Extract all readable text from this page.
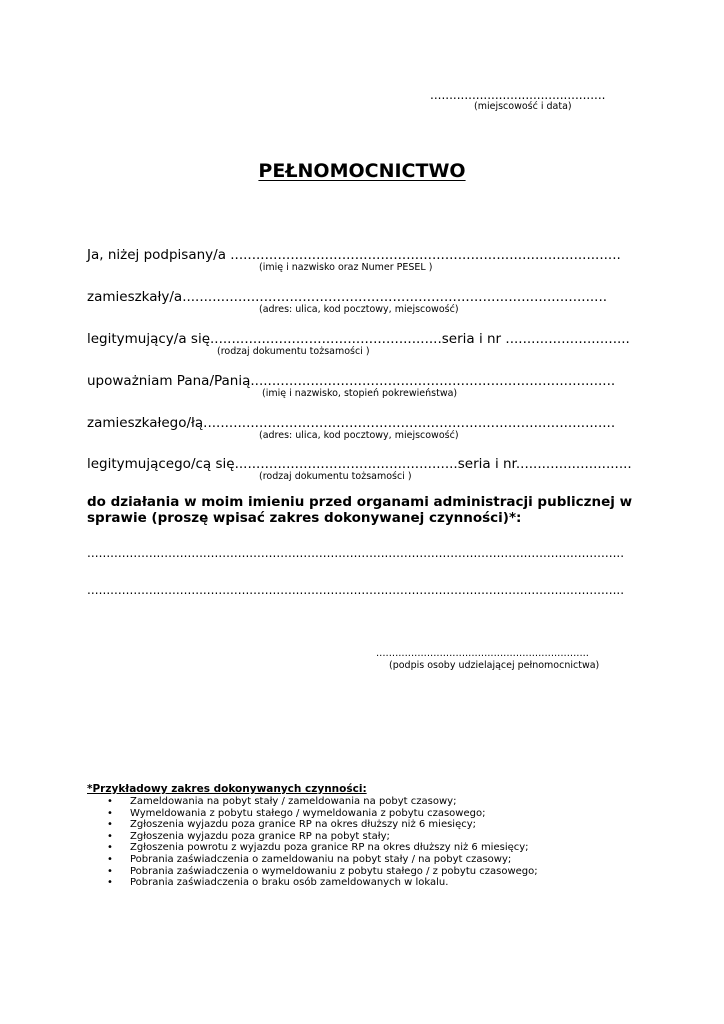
..............................................
(miejscowość i data)
PEŁNOMOCNICTWO
Ja, niżej podpisany/a ...........................................................................................
(imię i nazwisko oraz Numer PESEL )
zamieszkały/a...................................................................................................
(adres: ulica, kod pocztowy, miejscowość)
legitymujący/a się......................................................seria i nr .............................
(rodzaj dokumentu tożsamości )
upoważniam Pana/Panią.....................................................................................
(imię i nazwisko, stopień pokrewieństwa)
zamieszkałego/łą................................................................................................
(adres: ulica, kod pocztowy, miejscowość)
legitymującego/cą się....................................................seria i nr...........................
(rodzaj dokumentu tożsamości )
do działania w moim imieniu przed organami administracji publicznej w sprawie (proszę wpisać zakres dokonywanej czynności)*:
...........................................................................................................................................
...........................................................................................................................................
...................................................................
(podpis osoby udzielającej pełnomocnictwa)
*Przykładowy zakres dokonywanych czynności:
• Zameldowania na pobyt stały / zameldowania na pobyt czasowy;
• Wymeldowania z pobytu stałego / wymeldowania z pobytu czasowego;
• Zgłoszenia wyjazdu poza granice RP na okres dłuższy niż 6 miesięcy;
• Zgłoszenia wyjazdu poza granice RP na pobyt stały;
• Zgłoszenia powrotu z wyjazdu poza granice RP na okres dłuższy niż 6 miesięcy;
• Pobrania zaświadczenia o zameldowaniu na pobyt stały / na pobyt czasowy;
• Pobrania zaświadczenia o wymeldowaniu z pobytu stałego / z pobytu czasowego;
• Pobrania zaświadczenia o braku osób zameldowanych w lokalu.
